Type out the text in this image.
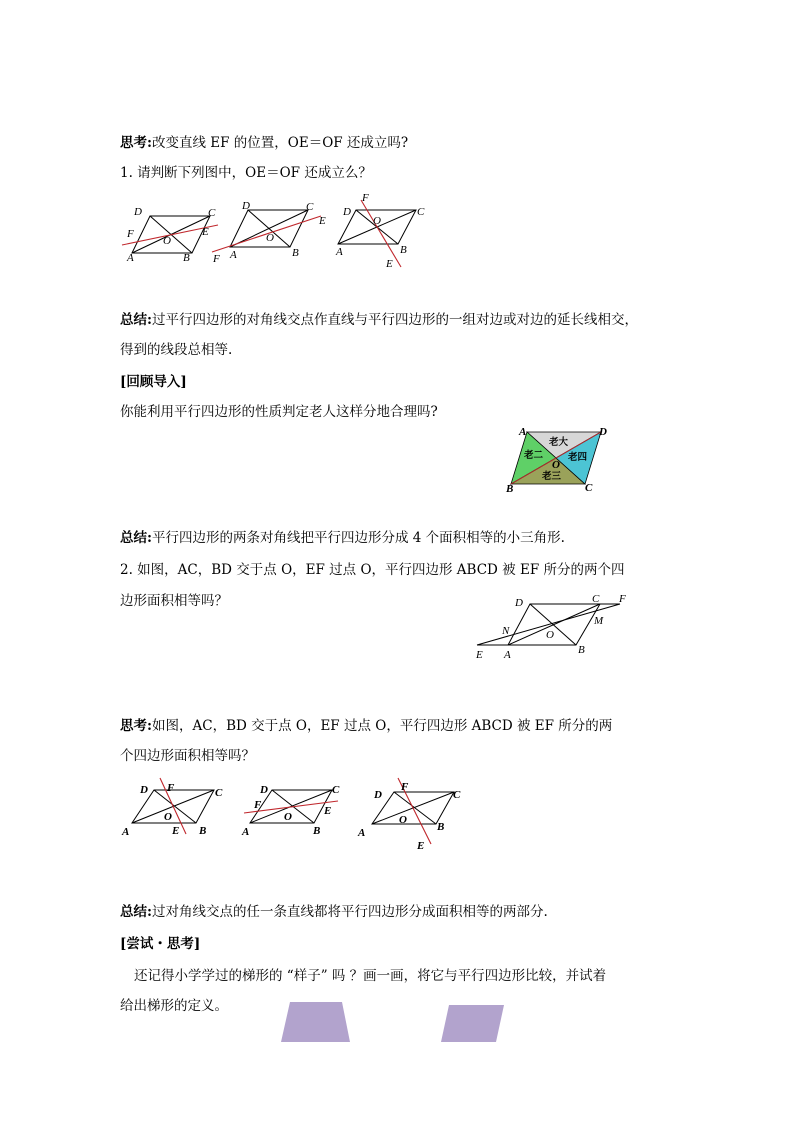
思考:改变直线 EF 的位置，OE＝OF 还成立吗?

1. 请判断下列图中，OE＝OF 还成立么？

D	C
F
O
E
A	B
D	C
E
O
F A	B
F
D	C
O
A	B
E

总结:过平行四边形的对角线交点作直线与平行四边形的一组对边或对边的延长线相交，

得到的线段总相等.

[回顾导入]

你能利用平行四边形的性质判定老人这样分地合理吗?

A	D
B	C
O
老大
老二
老三
老四

总结:平行四边形的两条对角线把平行四边形分成 4 个面积相等的小三角形.

2. 如图，AC，BD 交于点 O，EF 过点 O，平行四边形 ABCD 被 EF 所分的两个四

边形面积相等吗？	D	C F
M
N	O
E A	B

思考:如图，AC，BD 交于点 O，EF 过点 O，平行四边形 ABCD 被 EF 所分的两

个四边形面积相等吗？

D F	C
O
A	E B
D	C
F	E
O
A	B
F
D	C
O
A	B
E

总结:过对角线交点的任一条直线都将平行四边形分成面积相等的两部分.

[尝试・思考]

还记得小学学过的梯形的 “样子” 吗 ？画一画，将它与平行四边形比较，并试着

给出梯形的定义。
